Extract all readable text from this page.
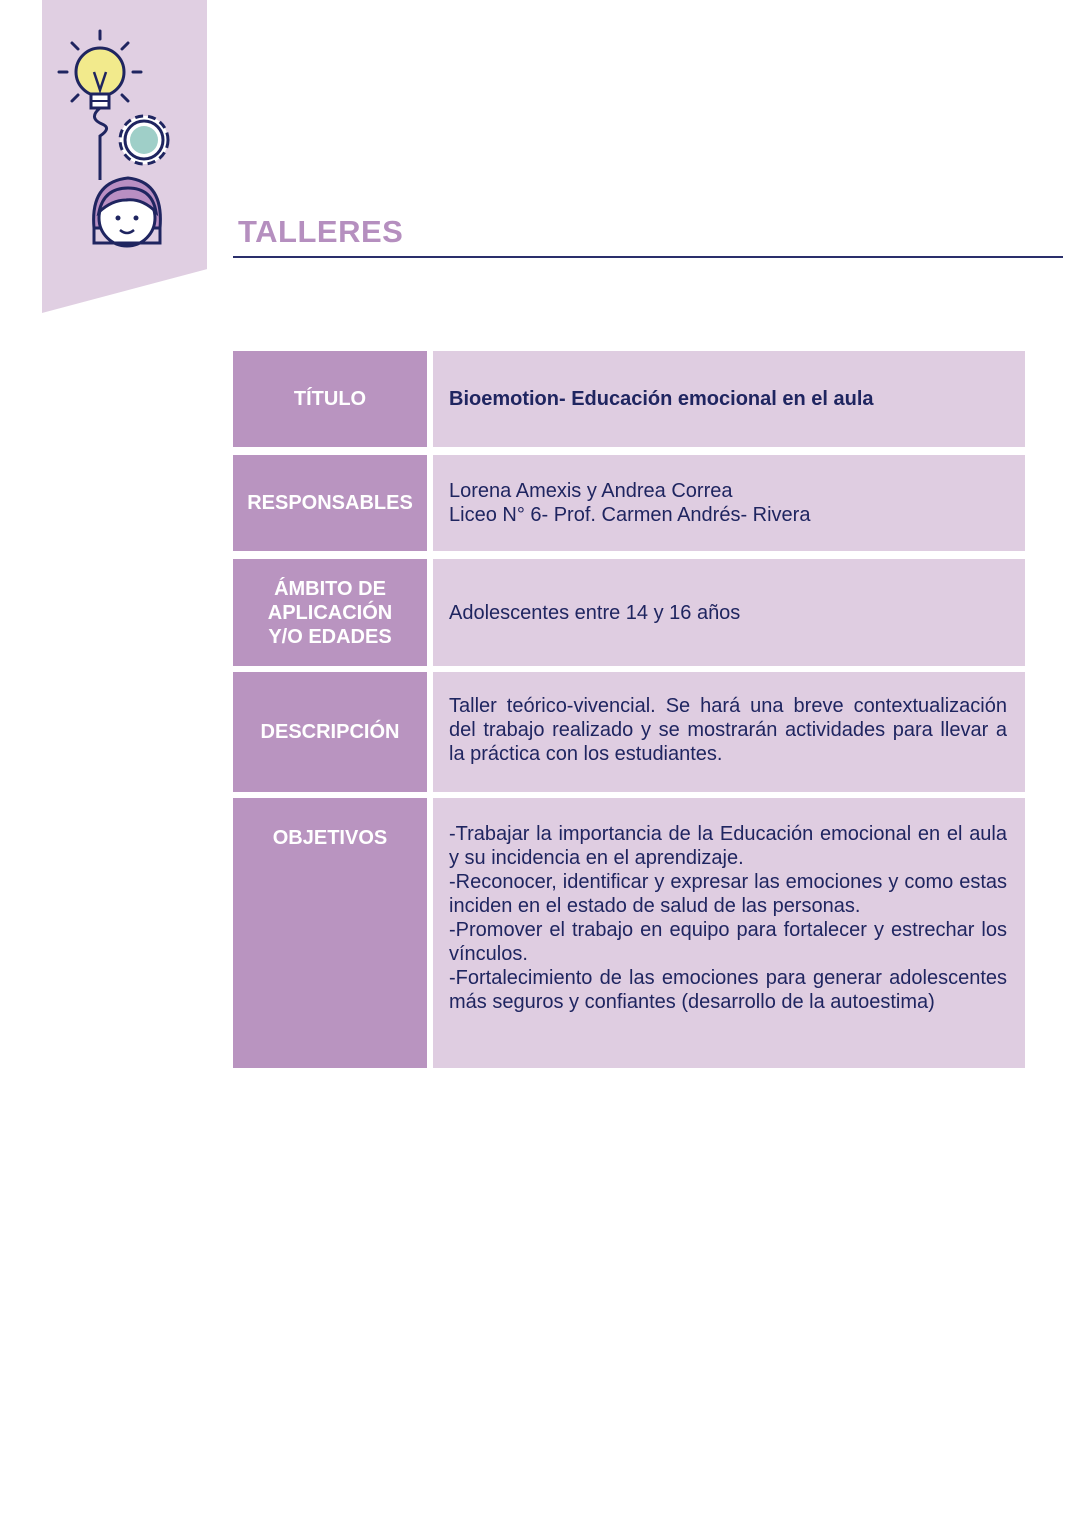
TALLERES
TÍTULO	Bioemotion- Educación emocional en el aula
RESPONSABLES
Lorena Amexis y Andrea Correa
Liceo N° 6- Prof. Carmen Andrés- Rivera
ÁMBITO DE
APLICACIÓN
Y/O EDADES
Adolescentes entre 14 y 16 años
DESCRIPCIÓN
Taller teórico-vivencial. Se hará una breve contextualización del trabajo realizado y se mostrarán actividades para llevar a la práctica con los estudiantes.
OBJETIVOS	-Trabajar la importancia de la Educación emocional en el aula y su incidencia en el aprendizaje.
-Reconocer, identificar y expresar las emociones y como estas inciden en el estado de salud de las personas.
-Promover el trabajo en equipo para fortalecer y estrechar los vínculos.
-Fortalecimiento de las emociones para generar adolescentes más seguros y confiantes (desarrollo de la autoestima)
